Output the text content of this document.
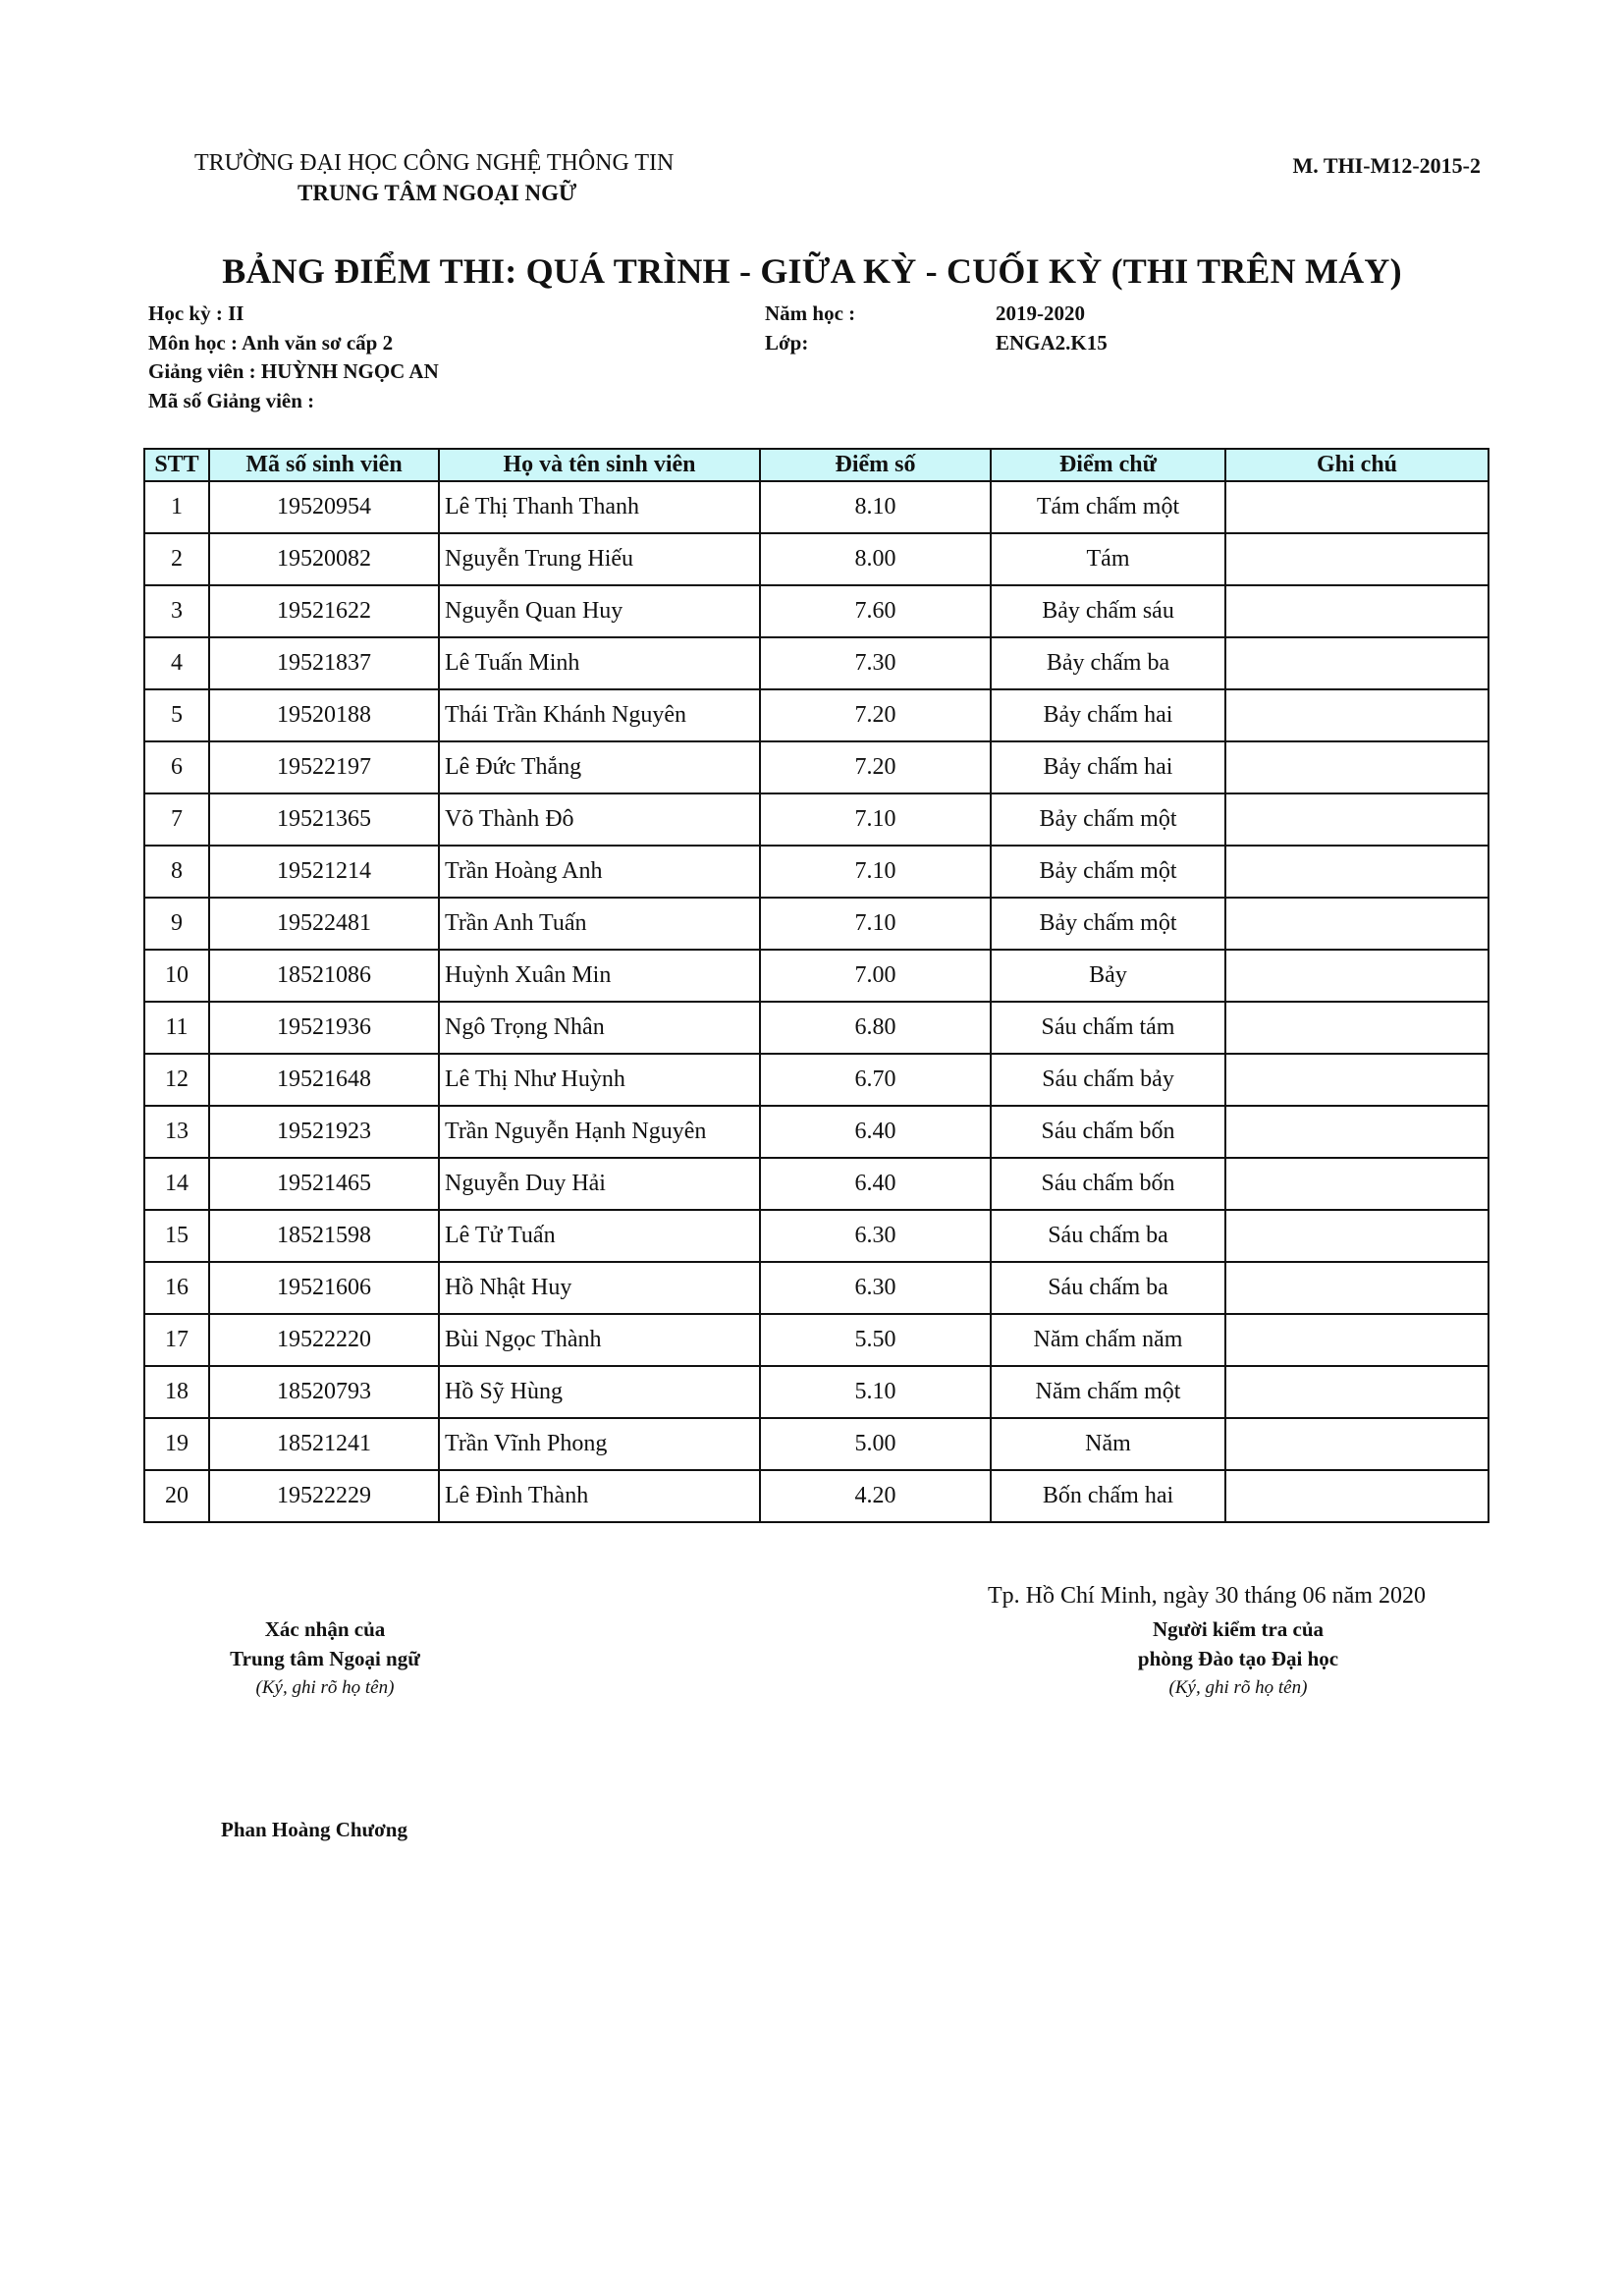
TRƯỜNG ĐẠI HỌC CÔNG NGHỆ THÔNG TIN
TRUNG TÂM NGOẠI NGỮ
M. THI-M12-2015-2
BẢNG ĐIỂM THI: QUÁ TRÌNH - GIỮA KỲ - CUỐI KỲ (THI TRÊN MÁY)
Học kỳ : II	Năm học :	2019-2020
Môn học : Anh văn sơ cấp 2	Lớp:	ENGA2.K15
Giảng viên : HUỲNH NGỌC AN
Mã số Giảng viên :
STT	Mã số sinh viên	Họ và tên sinh viên	Điểm số	Điểm chữ	Ghi chú
1	19520954	Lê Thị Thanh Thanh	8.10	Tám chấm một	
2	19520082	Nguyễn Trung Hiếu	8.00	Tám	
3	19521622	Nguyễn Quan Huy	7.60	Bảy chấm sáu	
4	19521837	Lê Tuấn Minh	7.30	Bảy chấm ba	
5	19520188	Thái Trần Khánh Nguyên	7.20	Bảy chấm hai	
6	19522197	Lê Đức Thắng	7.20	Bảy chấm hai	
7	19521365	Võ Thành Đô	7.10	Bảy chấm một	
8	19521214	Trần Hoàng Anh	7.10	Bảy chấm một	
9	19522481	Trần Anh Tuấn	7.10	Bảy chấm một	
10	18521086	Huỳnh Xuân Min	7.00	Bảy	
11	19521936	Ngô Trọng Nhân	6.80	Sáu chấm tám	
12	19521648	Lê Thị Như Huỳnh	6.70	Sáu chấm bảy	
13	19521923	Trần Nguyễn Hạnh Nguyên	6.40	Sáu chấm bốn	
14	19521465	Nguyễn Duy Hải	6.40	Sáu chấm bốn	
15	18521598	Lê Tử Tuấn	6.30	Sáu chấm ba	
16	19521606	Hồ Nhật Huy	6.30	Sáu chấm ba	
17	19522220	Bùi Ngọc Thành	5.50	Năm chấm năm	
18	18520793	Hồ Sỹ Hùng	5.10	Năm chấm một	
19	18521241	Trần Vĩnh Phong	5.00	Năm	
20	19522229	Lê Đình Thành	4.20	Bốn chấm hai	
Tp. Hồ Chí Minh, ngày 30 tháng 06 năm 2020
Xác nhận của
Trung tâm Ngoại ngữ
(Ký, ghi rõ họ tên)
Người kiểm tra của
phòng Đào tạo Đại học
(Ký, ghi rõ họ tên)
Phan Hoàng Chương
